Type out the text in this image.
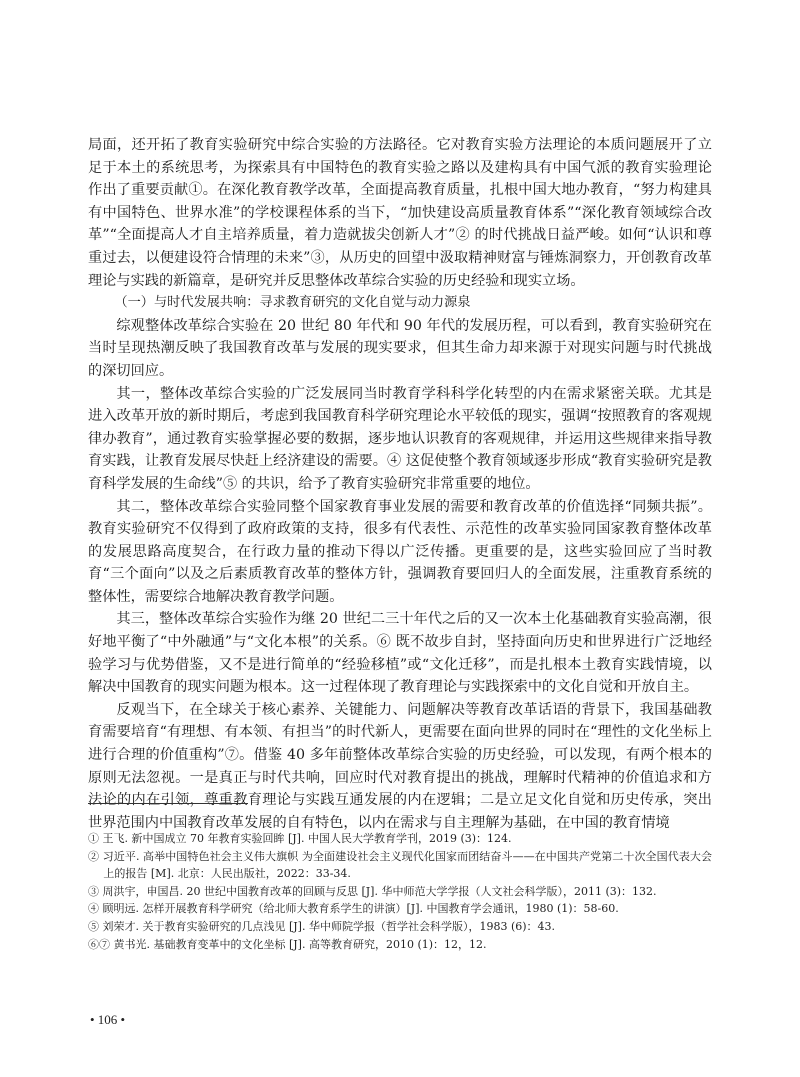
局面，还开拓了教育实验研究中综合实验的方法路径。它对教育实验方法理论的本质问题展开了立足于本土的系统思考，为探索具有中国特色的教育实验之路以及建构具有中国气派的教育实验理论作出了重要贡献①。在深化教育教学改革，全面提高教育质量，扎根中国大地办教育，“努力构建具有中国特色、世界水准”的学校课程体系的当下，“加快建设高质量教育体系”“深化教育领域综合改革”“全面提高人才自主培养质量，着力造就拔尖创新人才”② 的时代挑战日益严峻。如何“认识和尊重过去，以便建设符合情理的未来”③，从历史的回望中汲取精神财富与锤炼洞察力，开创教育改革理论与实践的新篇章，是研究并反思整体改革综合实验的历史经验和现实立场。

（一）与时代发展共响：寻求教育研究的文化自觉与动力源泉

综观整体改革综合实验在 20 世纪 80 年代和 90 年代的发展历程，可以看到，教育实验研究在当时呈现热潮反映了我国教育改革与发展的现实要求，但其生命力却来源于对现实问题与时代挑战的深切回应。

其一，整体改革综合实验的广泛发展同当时教育学科科学化转型的内在需求紧密关联。尤其是进入改革开放的新时期后，考虑到我国教育科学研究理论水平较低的现实，强调“按照教育的客观规律办教育”，通过教育实验掌握必要的数据，逐步地认识教育的客观规律，并运用这些规律来指导教育实践，让教育发展尽快赶上经济建设的需要。④ 这促使整个教育领域逐步形成“教育实验研究是教育科学发展的生命线”⑤ 的共识，给予了教育实验研究非常重要的地位。

其二，整体改革综合实验同整个国家教育事业发展的需要和教育改革的价值选择“同频共振”。教育实验研究不仅得到了政府政策的支持，很多有代表性、示范性的改革实验同国家教育整体改革的发展思路高度契合，在行政力量的推动下得以广泛传播。更重要的是，这些实验回应了当时教育“三个面向”以及之后素质教育改革的整体方针，强调教育要回归人的全面发展，注重教育系统的整体性，需要综合地解决教育教学问题。

其三，整体改革综合实验作为继 20 世纪二三十年代之后的又一次本土化基础教育实验高潮，很好地平衡了“中外融通”与“文化本根”的关系。⑥ 既不故步自封，坚持面向历史和世界进行广泛地经验学习与优势借鉴，又不是进行简单的“经验移植”或“文化迁移”，而是扎根本土教育实践情境，以解决中国教育的现实问题为根本。这一过程体现了教育理论与实践探索中的文化自觉和开放自主。

反观当下，在全球关于核心素养、关键能力、问题解决等教育改革话语的背景下，我国基础教育需要培育“有理想、有本领、有担当”的时代新人，更需要在面向世界的同时在“理性的文化坐标上进行合理的价值重构”⑦。借鉴 40 多年前整体改革综合实验的历史经验，可以发现，有两个根本的原则无法忽视。一是真正与时代共响，回应时代对教育提出的挑战，理解时代精神的价值追求和方法论的内在引领，尊重教育理论与实践互通发展的内在逻辑；二是立足文化自觉和历史传承，突出世界范围内中国教育改革发展的自有特色，以内在需求与自主理解为基础，在中国的教育情境

① 王飞. 新中国成立 70 年教育实验回眸 [J]. 中国人民大学教育学刊，2019 (3)：124.

② 习近平. 高举中国特色社会主义伟大旗帜 为全面建设社会主义现代化国家而团结奋斗——在中国共产党第二十次全国代表大会上的报告 [M]. 北京：人民出版社，2022：33-34.

③ 周洪宇，申国昌. 20 世纪中国教育改革的回顾与反思 [J]. 华中师范大学学报（人文社会科学版），2011 (3)：132.

④ 顾明远. 怎样开展教育科学研究（给北师大教育系学生的讲演）[J]. 中国教育学会通讯，1980 (1)：58-60.

⑤ 刘荣才. 关于教育实验研究的几点浅见 [J]. 华中师院学报（哲学社会科学版），1983 (6)：43.

⑥⑦ 黄书光. 基础教育变革中的文化坐标 [J]. 高等教育研究，2010 (1)：12，12.

• 106 •
